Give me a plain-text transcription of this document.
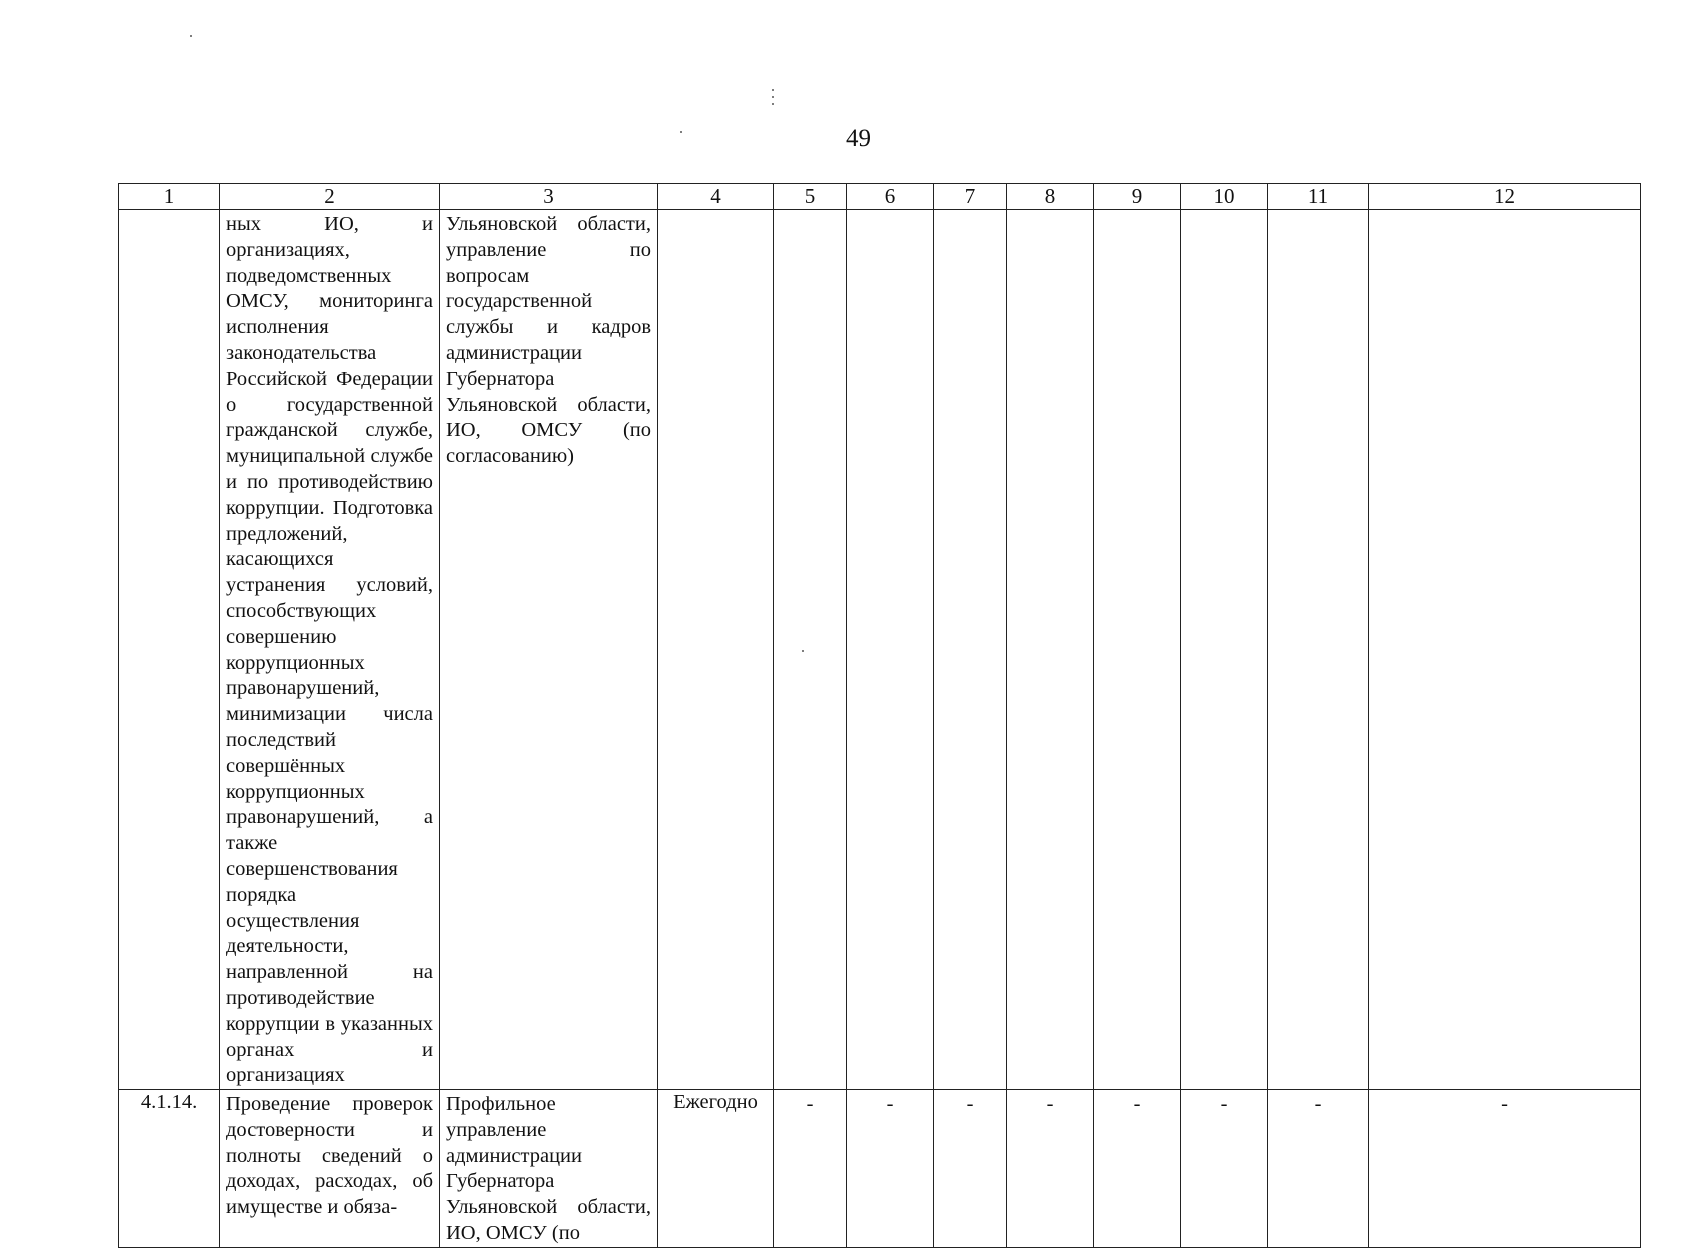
49
1	2	3	4	5	6	7	8	9	10	11	12

	ных ИО, и организациях, подведомственных ОМСУ, мониторинга исполнения законодательства Российской Федерации о государственной гражданской службе, муниципальной службе и по противодействию коррупции. Подготовка предложений, касающихся устранения условий, способствующих совершению коррупционных правонарушений, минимизации числа последствий совершённых коррупционных правонарушений, а также совершенствования порядка осуществления деятельности, направленной на противодействие коррупции в указанных органах и организациях	Ульяновской области, управление по вопросам государственной службы и кадров администрации Губернатора Ульяновской области, ИО, ОМСУ (по согласованию)									

4.1.14.	Проведение проверок достоверности и полноты сведений о доходах, расходах, об имуществе и обяза-	Профильное управление администрации Губернатора Ульяновской области, ИО, ОМСУ (по	Ежегодно	-	-	-	-	-	-	-	-
